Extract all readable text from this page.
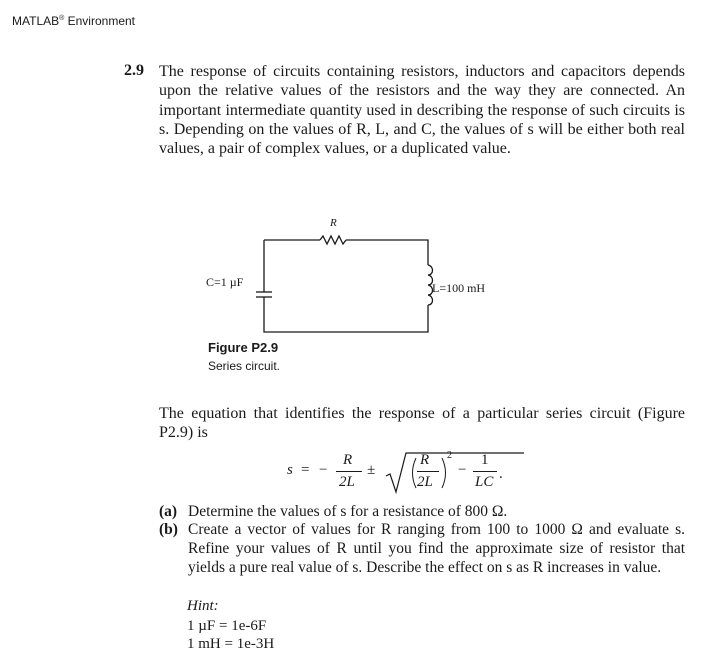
MATLAB® Environment
2.9 The response of circuits containing resistors, inductors and capacitors depends upon the relative values of the resistors and the way they are connected. An important intermediate quantity used in describing the response of such circuits is s. Depending on the values of R, L, and C, the values of s will be either both real values, a pair of complex values, or a duplicated value.

R
C=1 µF	L=100 mH
Figure P2.9
Series circuit.

The equation that identifies the response of a particular series circuit (Figure P2.9) is

s = −
R
2L
±
R
2L
2
−
1
LC .

(a) Determine the values of s for a resistance of 800 Ω.

(b) Create a vector of values for R ranging from 100 to 1000 Ω and evaluate s. Refine your values of R until you find the approximate size of resistor that yields a pure real value of s. Describe the effect on s as R increases in value.

Hint:
1 µF = 1e-6F
1 mH = 1e-3H
